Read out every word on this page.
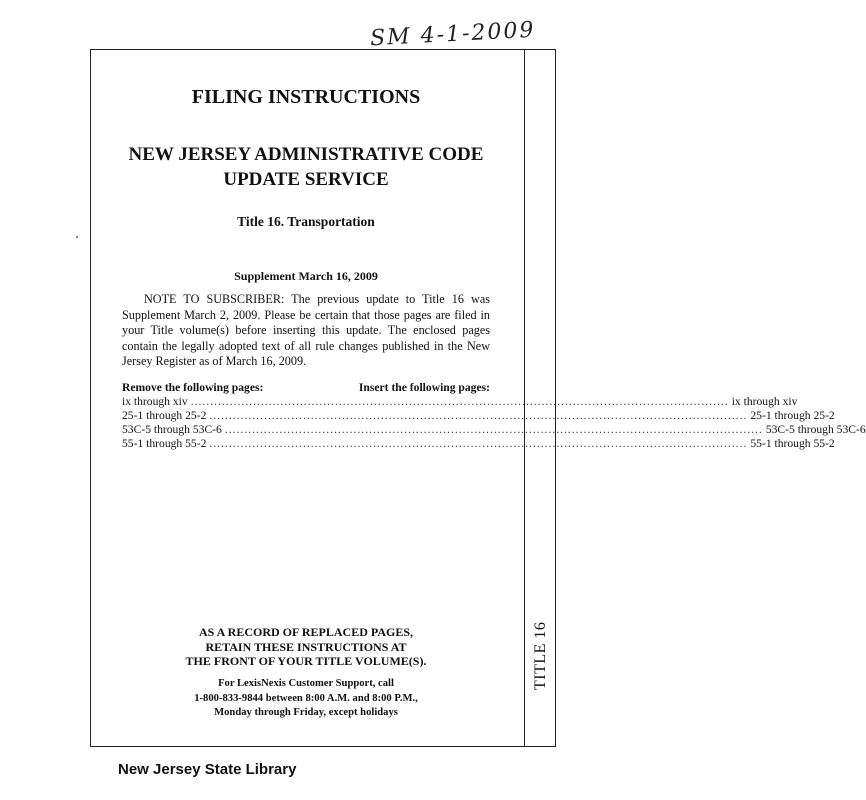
SM 4-1-2009
TITLE 16

FILING INSTRUCTIONS

NEW JERSEY ADMINISTRATIVE CODE

UPDATE SERVICE

Title 16. Transportation

Supplement March 16, 2009

NOTE TO SUBSCRIBER: The previous update to Title 16 was Supplement March 2, 2009. Please be certain that those pages are filed in your Title volume(s) before inserting this update. The enclosed pages contain the legally adopted text of all rule changes published in the New Jersey Register as of March 16, 2009.

Remove the following pages:	Insert the following pages:
ix through xiv .......................................................................................................................................... ix through xiv
25-1 through 25-2 .......................................................................................................................................... 25-1 through 25-2
53C-5 through 53C-6 .......................................................................................................................................... 53C-5 through 53C-6
55-1 through 55-2 .......................................................................................................................................... 55-1 through 55-2
AS A RECORD OF REPLACED PAGES,
RETAIN THESE INSTRUCTIONS AT
THE FRONT OF YOUR TITLE VOLUME(S).
For LexisNexis Customer Support, call
1-800-833-9844 between 8:00 A.M. and 8:00 P.M.,
Monday through Friday, except holidays
New Jersey State Library
